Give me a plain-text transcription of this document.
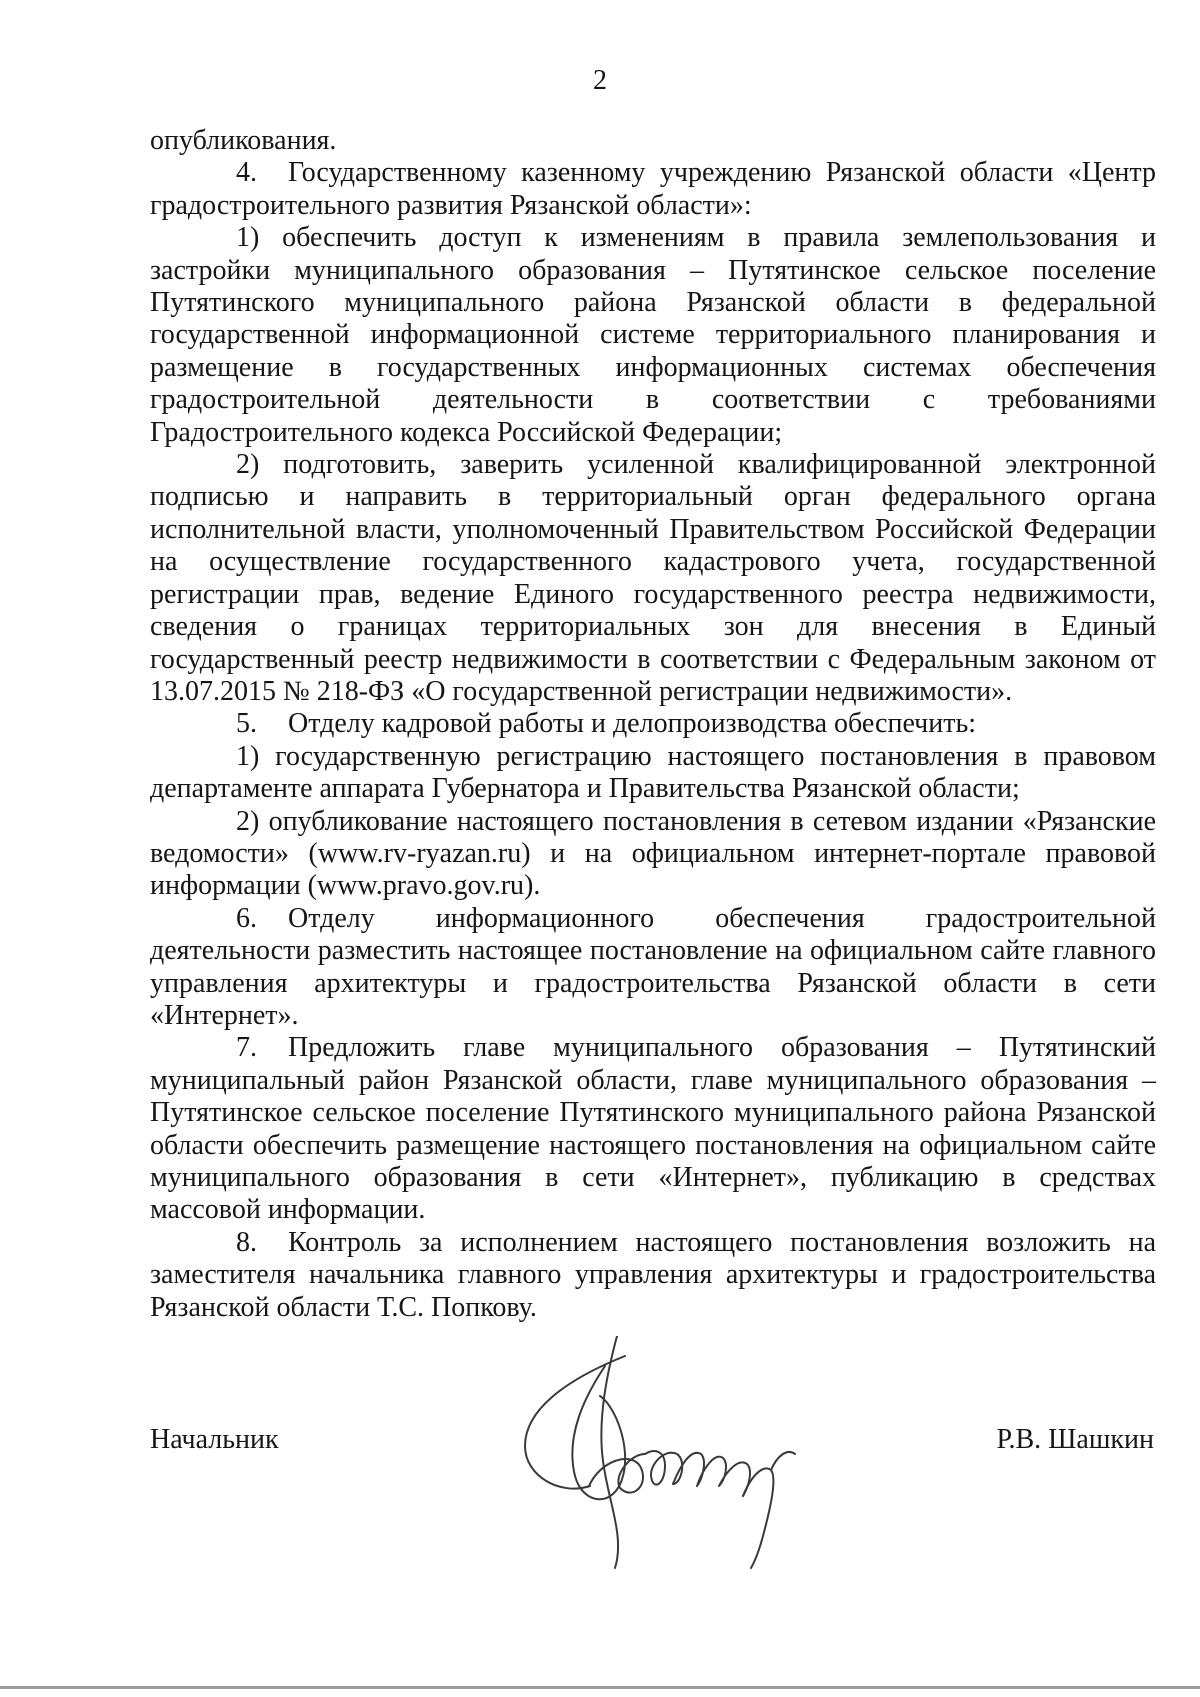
2

опубликования.

4. Государственному казенному учреждению Рязанской области «Центр градостроительного развития Рязанской области»:

1) обеспечить доступ к изменениям в правила землепользования и застройки муниципального образования – Путятинское сельское поселение Путятинского муниципального района Рязанской области в федеральной государственной информационной системе территориального планирования и размещение в государственных информационных системах обеспечения градостроительной деятельности в соответствии с требованиями Градостроительного кодекса Российской Федерации;

2) подготовить, заверить усиленной квалифицированной электронной подписью и направить в территориальный орган федерального органа исполнительной власти, уполномоченный Правительством Российской Федерации на осуществление государственного кадастрового учета, государственной регистрации прав, ведение Единого государственного реестра недвижимости, сведения о границах территориальных зон для внесения в Единый государственный реестр недвижимости в соответствии с Федеральным законом от 13.07.2015 № 218-ФЗ «О государственной регистрации недвижимости».

5. Отделу кадровой работы и делопроизводства обеспечить:

1) государственную регистрацию настоящего постановления в правовом департаменте аппарата Губернатора и Правительства Рязанской области;

2) опубликование настоящего постановления в сетевом издании «Рязанские ведомости» (www.rv-ryazan.ru) и на официальном интернет-портале правовой информации (www.pravo.gov.ru).

6. Отделу информационного обеспечения градостроительной деятельности разместить настоящее постановление на официальном сайте главного управления архитектуры и градостроительства Рязанской области в сети «Интернет».

7. Предложить главе муниципального образования – Путятинский муниципальный район Рязанской области, главе муниципального образования – Путятинское сельское поселение Путятинского муниципального района Рязанской области обеспечить размещение настоящего постановления на официальном сайте муниципального образования в сети «Интернет», публикацию в средствах массовой информации.

8. Контроль за исполнением настоящего постановления возложить на заместителя начальника главного управления архитектуры и градостроительства Рязанской области Т.С. Попкову.

Начальник	Р.В. Шашкин
